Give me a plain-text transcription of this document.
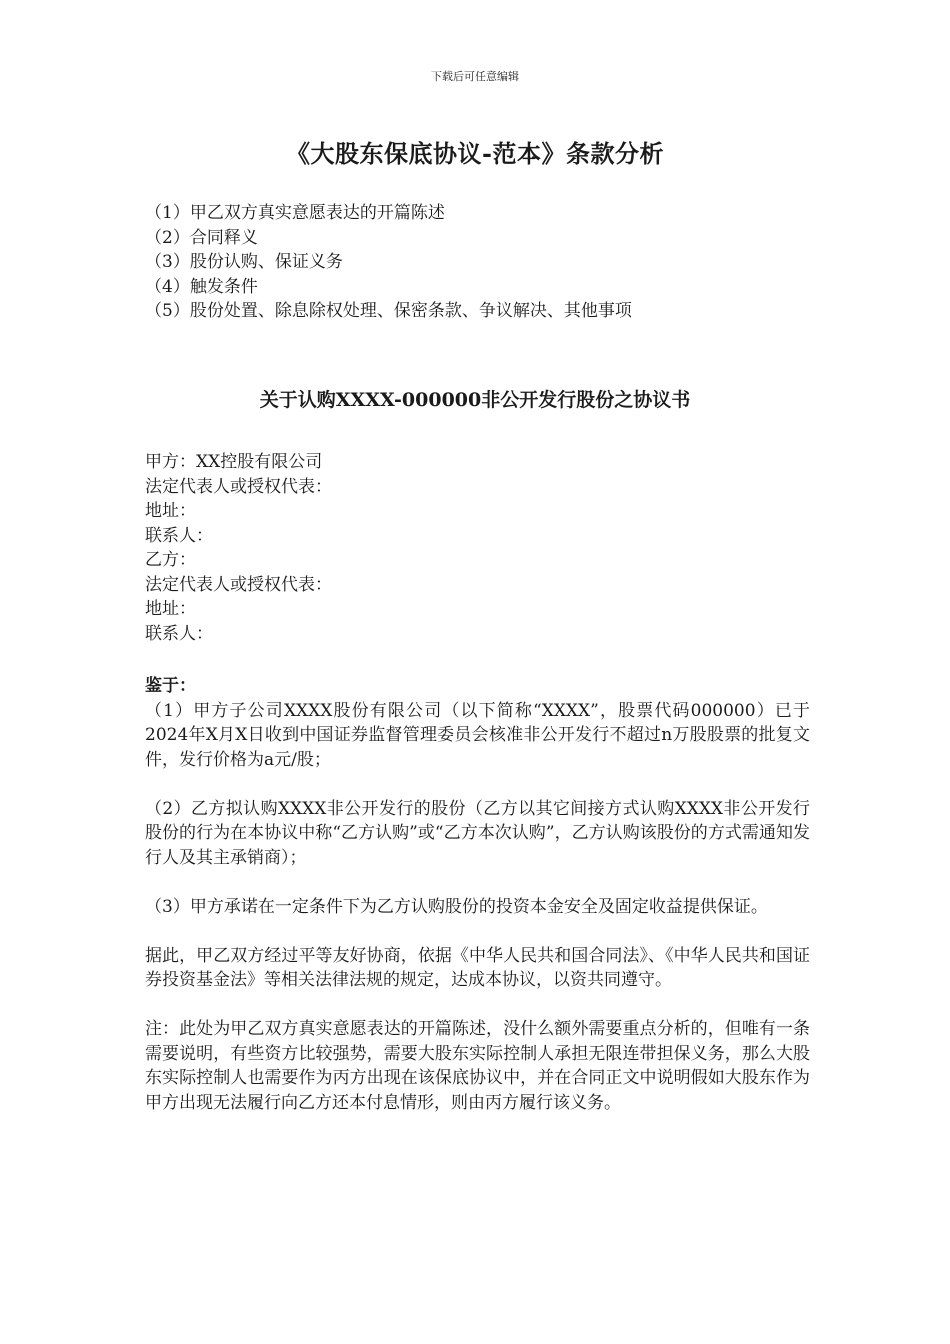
下载后可任意编辑
《大股东保底协议-范本》条款分析
（1）甲乙双方真实意愿表达的开篇陈述
（2）合同释义
（3）股份认购、保证义务
（4）触发条件
（5）股份处置、除息除权处理、保密条款、争议解决、其他事项
关于认购XXXX-000000非公开发行股份之协议书
甲方：XX控股有限公司
法定代表人或授权代表：
地址：
联系人：
乙方：
法定代表人或授权代表：
地址：
联系人：
鉴于：

（1）甲方子公司XXXX股份有限公司（以下简称“XXXX”，股票代码000000）已于2024年X月X日收到中国证券监督管理委员会核准非公开发行不超过n万股股票的批复文件，发行价格为a元/股；

（2）乙方拟认购XXXX非公开发行的股份（乙方以其它间接方式认购XXXX非公开发行股份的行为在本协议中称“乙方认购”或“乙方本次认购”，乙方认购该股份的方式需通知发行人及其主承销商）；

（3）甲方承诺在一定条件下为乙方认购股份的投资本金安全及固定收益提供保证。

据此，甲乙双方经过平等友好协商，依据《中华人民共和国合同法》、《中华人民共和国证券投资基金法》等相关法律法规的规定，达成本协议，以资共同遵守。

注：此处为甲乙双方真实意愿表达的开篇陈述，没什么额外需要重点分析的，但唯有一条需要说明，有些资方比较强势，需要大股东实际控制人承担无限连带担保义务，那么大股东实际控制人也需要作为丙方出现在该保底协议中，并在合同正文中说明假如大股东作为甲方出现无法履行向乙方还本付息情形，则由丙方履行该义务。
